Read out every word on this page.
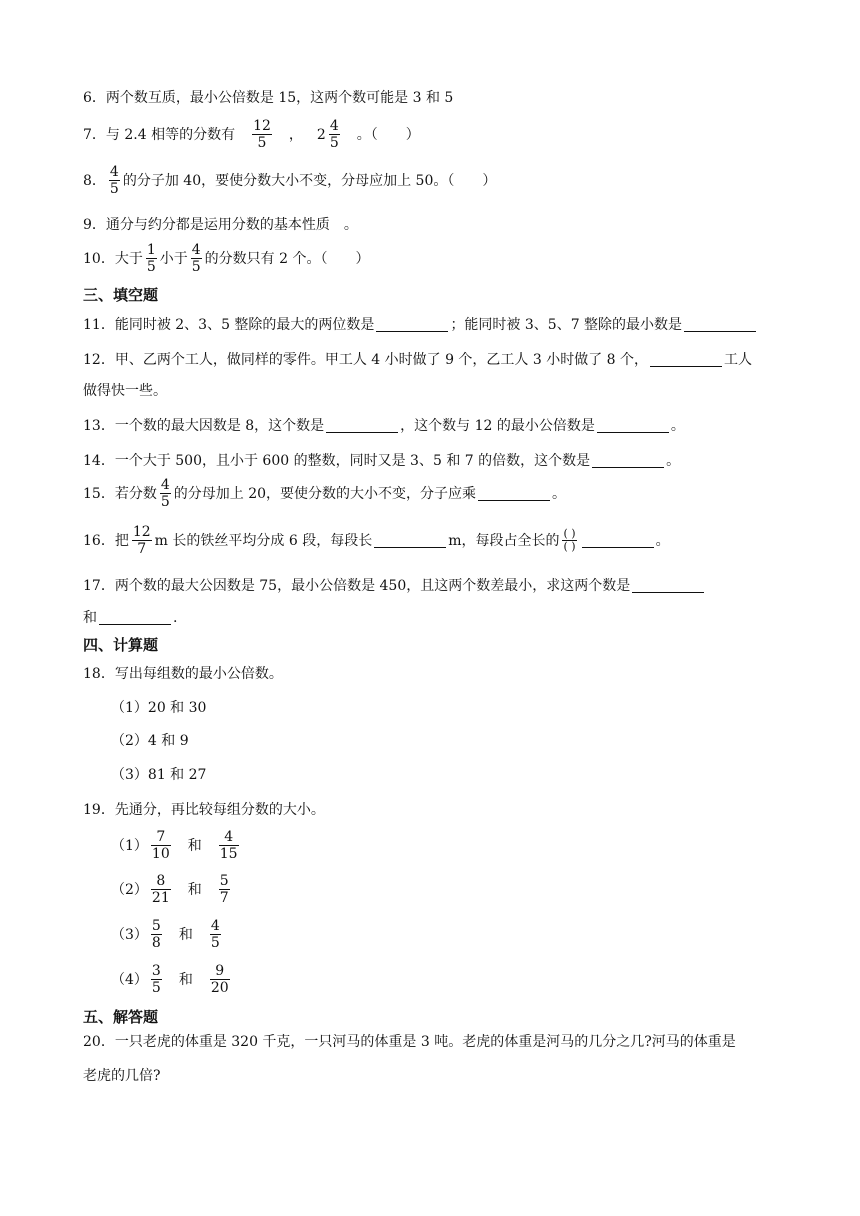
6．两个数互质，最小公倍数是 15，这两个数可能是 3 和 5
7．与 2.4 相等的分数有 $\frac{12}{5}$ ， $2 \frac{4}{5}$ 。（　　）
8． $\frac{4}{5}$ 的分子加 40，要使分数大小不变，分母应加上 50。（　　）
9．通分与约分都是运用分数的基本性质　。
10．大于 $\frac{1}{5}$ 小于 $\frac{4}{5}$ 的分数只有 2 个。（　　）
三、填空题
11．能同时被 2、3、5 整除的最大的两位数是	；能同时被 3、5、7 整除的最小数是
12．甲、乙两个工人，做同样的零件。甲工人 4 小时做了 9 个，乙工人 3 小时做了 8 个，	工人
做得快一些。
13．一个数的最大因数是 8，这个数是	，这个数与 12 的最小公倍数是	。
14．一个大于 500，且小于 600 的整数，同时又是 3、5 和 7 的倍数，这个数是	。
15．若分数 $\frac{4}{5}$ 的分母加上 20，要使分数的大小不变，分子应乘	。
16．把 $\frac{12}{7}$ m 长的铁丝平均分成 6 段，每段长	m，每段占全长的 $\frac{( )}{( )}$	。
17．两个数的最大公因数是 75，最小公倍数是 450，且这两个数差最小，求这两个数是
和	.
四、计算题
18．写出每组数的最小公倍数。
（1）20 和 30
（2）4 和 9
（3）81 和 27
19．先通分，再比较每组分数的大小。
$(1) \frac{7}{10}$ 和 $\frac{4}{15}$
$(2) \frac{8}{21}$ 和 $\frac{5}{7}$
$(3) \frac{5}{8}$ 和 $\frac{4}{5}$
$(4) \frac{3}{5}$ 和 $\frac{9}{20}$
五、解答题
20．一只老虎的体重是 320 千克，一只河马的体重是 3 吨。老虎的体重是河马的几分之几?河马的体重是
老虎的几倍?
